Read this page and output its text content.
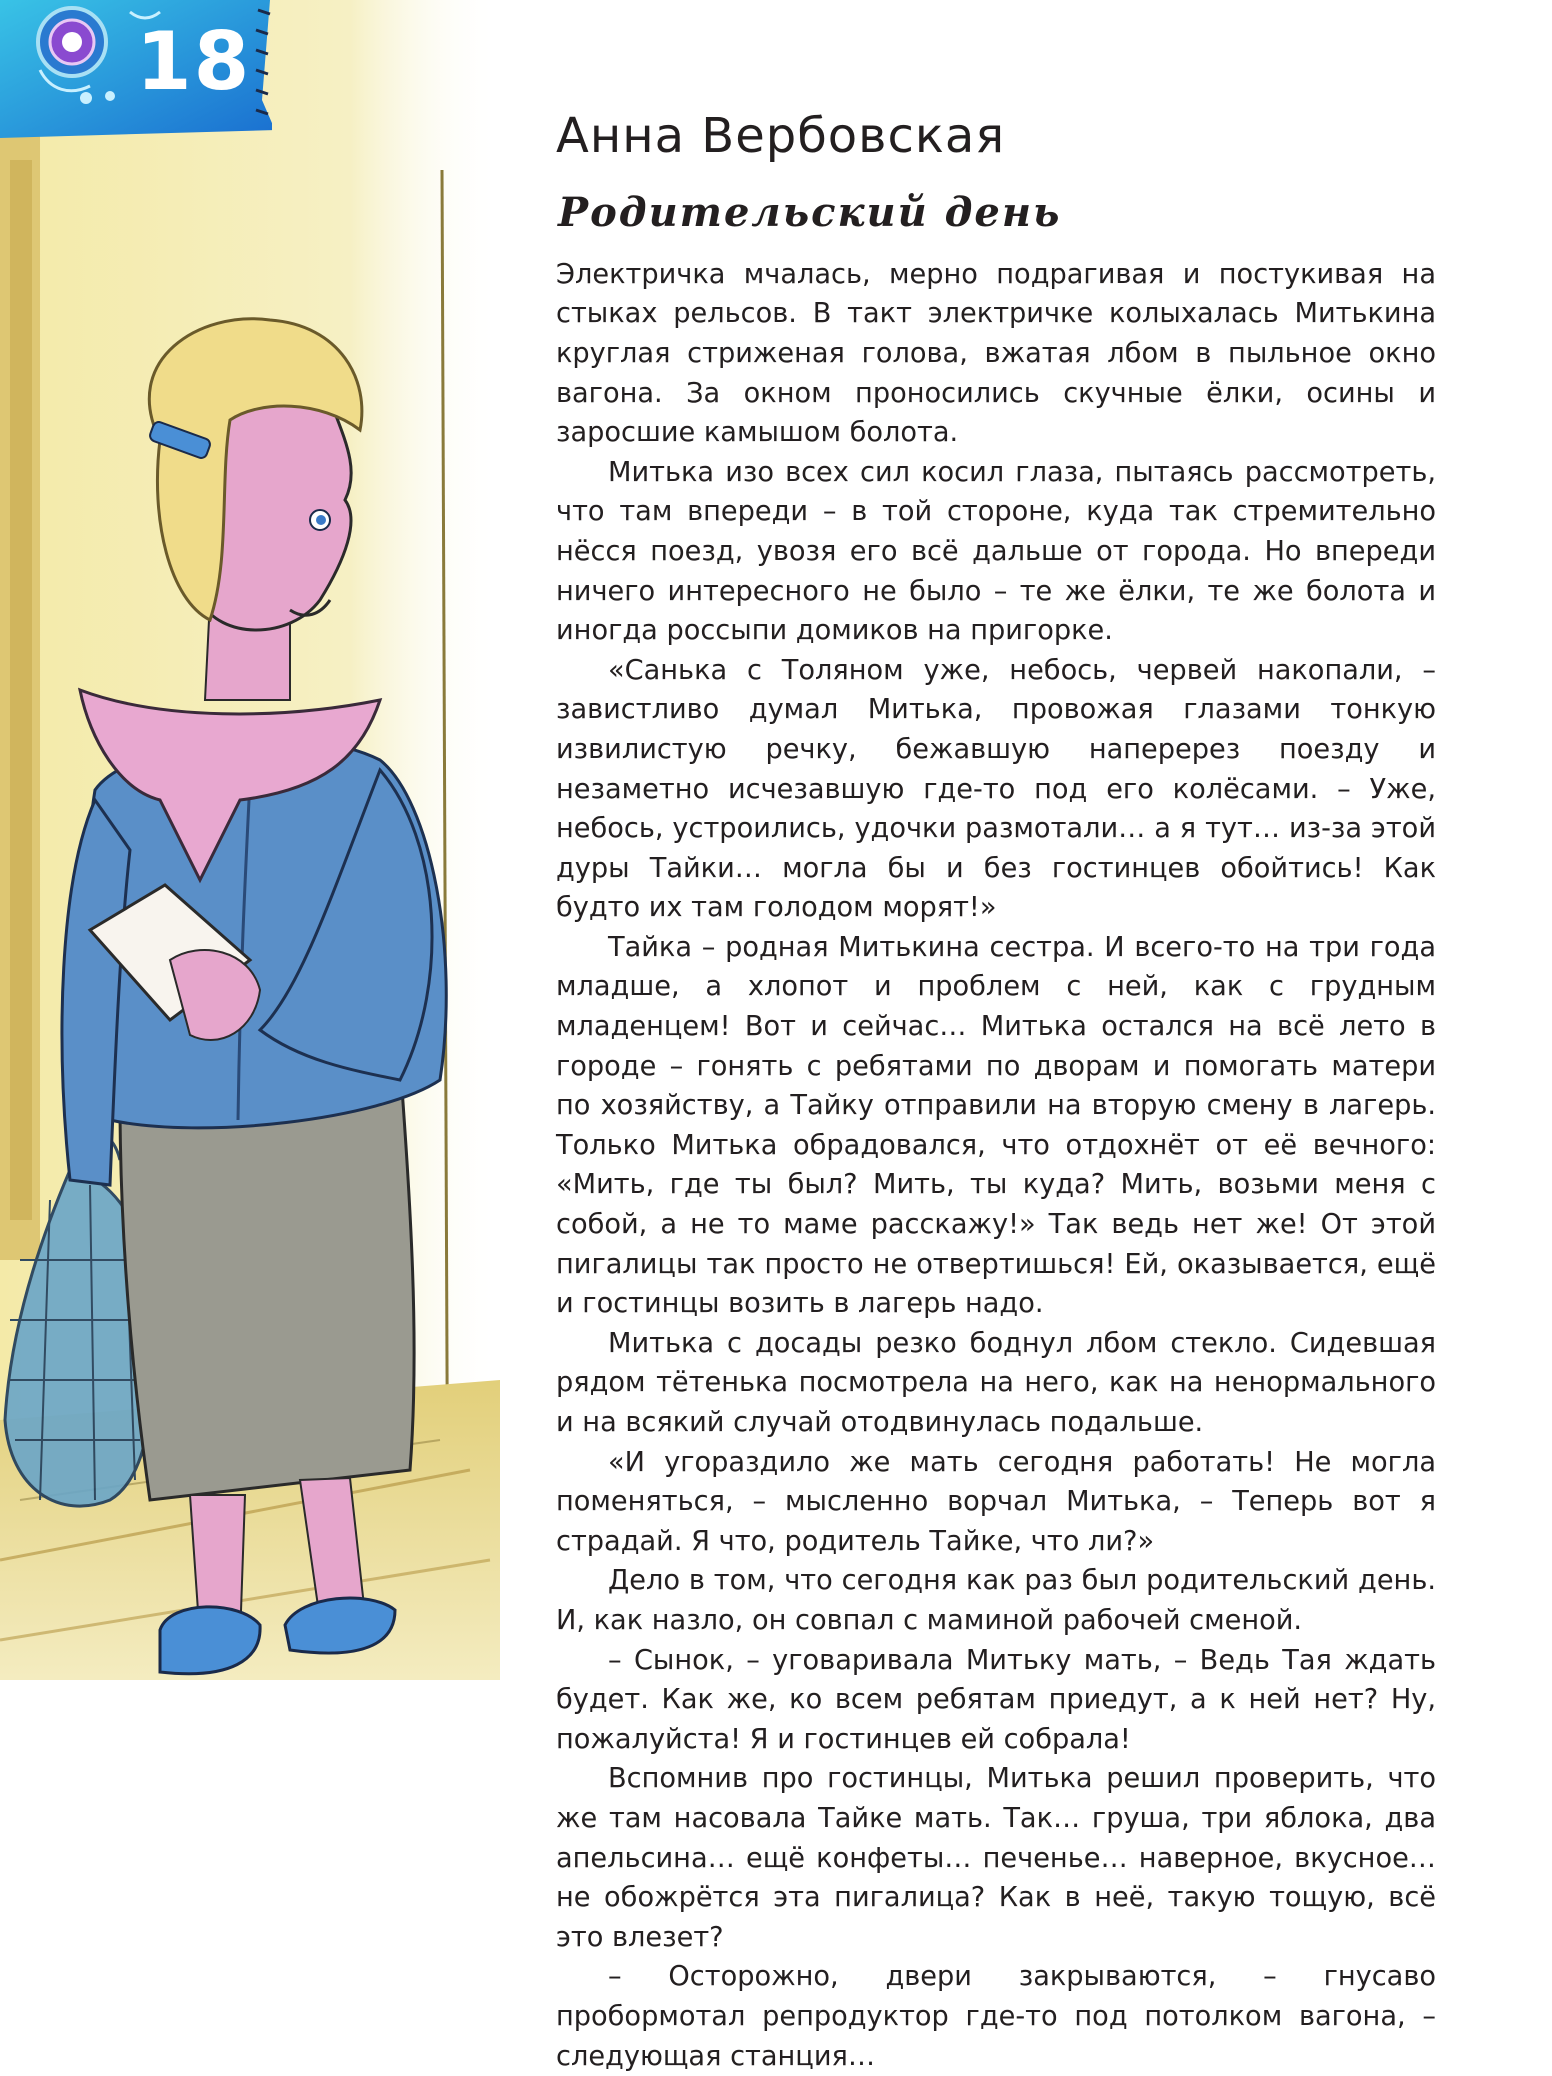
18
Анна Вербовская
Родительский день

Электричка мчалась, мерно подрагивая и постукивая на стыках рельсов. В такт электричке колыхалась Митькина круглая стриженая голова, вжатая лбом в пыльное окно вагона. За окном проносились скучные ёлки, осины и заросшие камышом болота.

Митька изо всех сил косил глаза, пытаясь рассмотреть, что там впереди – в той стороне, куда так стремительно нёсся поезд, увозя его всё дальше от города. Но впереди ничего интересного не было – те же ёлки, те же болота и иногда россыпи домиков на пригорке.

«Санька с Толяном уже, небось, червей накопали, – завистливо думал Митька, провожая глазами тонкую извилистую речку, бежавшую наперерез поезду и незаметно исчезавшую где-то под его колёсами. – Уже, небось, устроились, удочки размотали… а я тут… из-за этой дуры Тайки… могла бы и без гостинцев обойтись! Как будто их там голодом морят!»

Тайка – родная Митькина сестра. И всего-то на три года младше, а хлопот и проблем с ней, как с грудным младенцем! Вот и сейчас… Митька остался на всё лето в городе – гонять с ребятами по дворам и помогать матери по хозяйству, а Тайку отправили на вторую смену в лагерь. Только Митька обрадовался, что отдохнёт от её вечного: «Мить, где ты был? Мить, ты куда? Мить, возьми меня с собой, а не то маме расскажу!» Так ведь нет же! От этой пигалицы так просто не отвертишься! Ей, оказывается, ещё и гостинцы возить в лагерь надо.

Митька с досады резко боднул лбом стекло. Сидевшая рядом тётенька посмотрела на него, как на ненормального и на всякий случай отодвинулась подальше.

«И угораздило же мать сегодня работать! Не могла поменяться, – мысленно ворчал Митька, – Теперь вот я страдай. Я что, родитель Тайке, что ли?»

Дело в том, что сегодня как раз был родительский день. И, как назло, он совпал с маминой рабочей сменой.

– Сынок, – уговаривала Митьку мать, – Ведь Тая ждать будет. Как же, ко всем ребятам приедут, а к ней нет? Ну, пожалуйста! Я и гостинцев ей собрала!

Вспомнив про гостинцы, Митька решил проверить, что же там насовала Тайке мать. Так… груша, три яблока, два апельсина… ещё конфеты… печенье… наверное, вкусное… не обожрётся эта пигалица? Как в неё, такую тощую, всё это влезет?

– Осторожно, двери закрываются, – гнусаво пробормотал репродуктор где-то под потолком вагона, – следующая станция…
